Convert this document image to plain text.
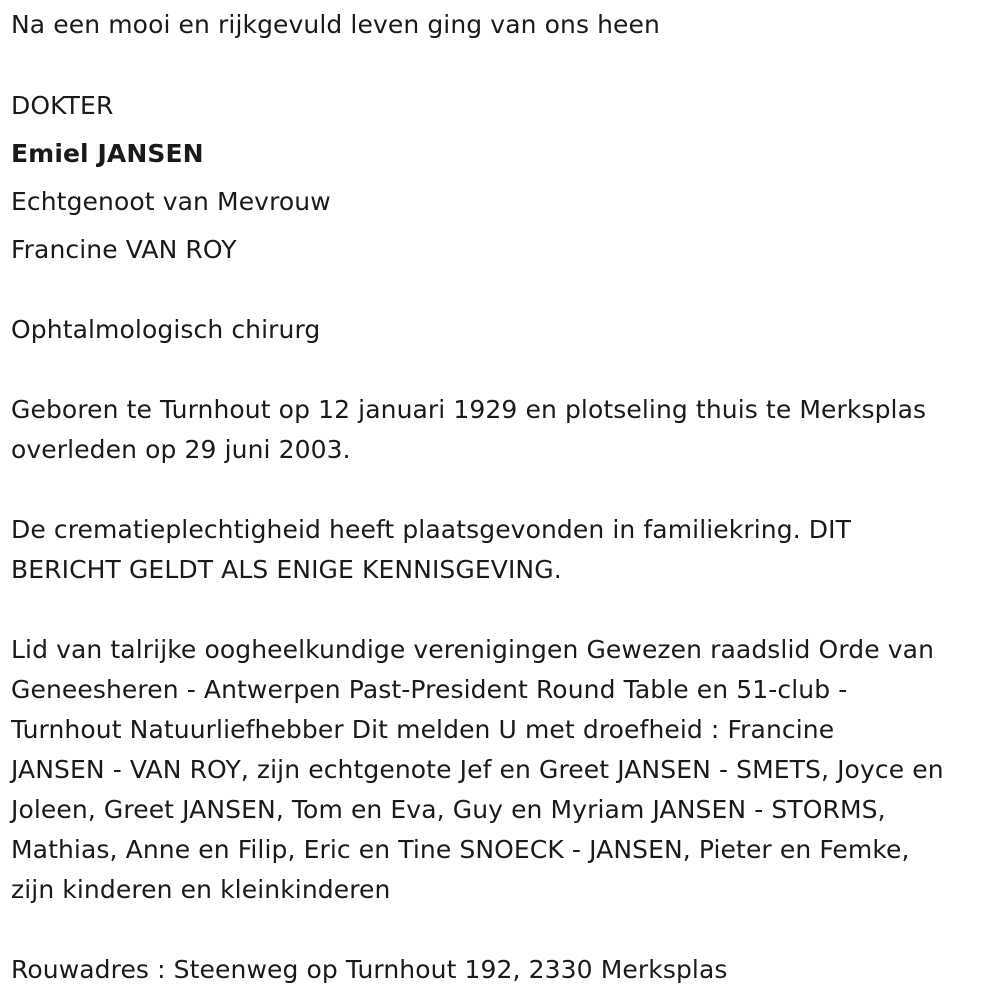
Na een mooi en rijkgevuld leven ging van ons heen
DOKTER
Emiel JANSEN
Echtgenoot van Mevrouw
Francine VAN ROY
Ophtalmologisch chirurg
Geboren te Turnhout op 12 januari 1929 en plotseling thuis te Merksplas
overleden op 29 juni 2003.
De crematieplechtigheid heeft plaatsgevonden in familiekring. DIT
BERICHT GELDT ALS ENIGE KENNISGEVING.
Lid van talrijke oogheelkundige verenigingen Gewezen raadslid Orde van
Geneesheren - Antwerpen Past-President Round Table en 51-club -
Turnhout Natuurliefhebber Dit melden U met droefheid : Francine
JANSEN - VAN ROY, zijn echtgenote Jef en Greet JANSEN - SMETS, Joyce en
Joleen, Greet JANSEN, Tom en Eva, Guy en Myriam JANSEN - STORMS,
Mathias, Anne en Filip, Eric en Tine SNOECK - JANSEN, Pieter en Femke,
zijn kinderen en kleinkinderen
Rouwadres : Steenweg op Turnhout 192, 2330 Merksplas
